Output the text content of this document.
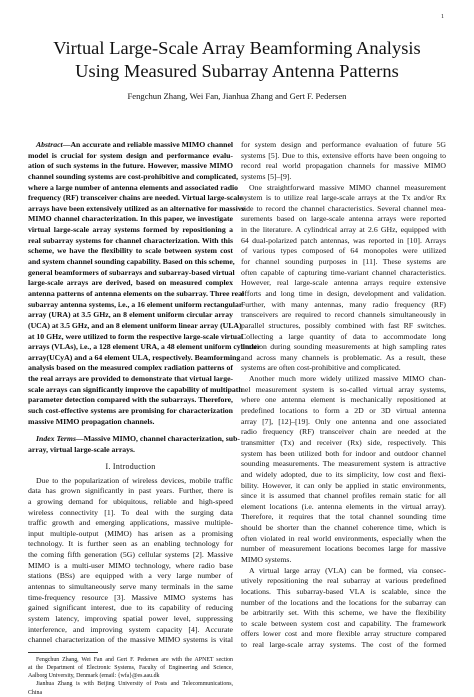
1
Virtual Large-Scale Array Beamforming Analysis
Using Measured Subarray Antenna Patterns
Fengchun Zhang, Wei Fan, Jianhua Zhang and Gert F. Pedersen
Abstract—An accurate and reliable massive MIMO channel
model is crucial for system design and performance evalu-
ation of such systems in the future. However, massive MIMO
channel sounding systems are cost-prohibitive and complicated,
where a large number of antenna elements and associated radio
frequency (RF) transceiver chains are needed. Virtual large-scale
arrays have been extensively utilized as an alternative for massive
MIMO channel characterization. In this paper, we investigate
virtual large-scale array systems formed by repositioning a
real subarray systems for channel characterization. With this
scheme, we have the flexibility to scale between system cost
and system channel sounding capability. Based on this scheme,
general beamformers of subarrays and subarray-based virtual
large-scale arrays are derived, based on measured complex
antenna patterns of antenna elements on the subarray. Three real
subarray antenna systems, i.e., a 16 element uniform rectangular
array (URA) at 3.5 GHz, an 8 element uniform circular array
(UCA) at 3.5 GHz, and an 8 element uniform linear array (ULA)
at 10 GHz, were utilized to form the respective large-scale virtual
arrays (VLAs), i.e., a 128 element URA, a 48 element uniform cylinder
array(UCyA) and a 64 element ULA, respectively. Beamforming
analysis based on the measured complex radiation patterns of
the real arrays are provided to demonstrate that virtual large-
scale arrays can significantly improve the capability of multipath
parameter detection compared with the subarrays. Therefore,
such cost-effective systems are promising for characterization
massive MIMO propagation channels.
Index Terms—Massive MIMO, channel characterization, sub-
array, virtual large-scale arrays.
I. Introduction
Due to the popularization of wireless devices, mobile traffic
data has grown significantly in past years. Further, there is
a growing demand for ubiquitous, reliable and high-speed
wireless connectivity [1]. To deal with the surging data
traffic growth and emerging applications, massive multiple-
input multiple-output (MIMO) has arisen as a promising
technology. It is further seen as an enabling technology for
the coming fifth generation (5G) cellular systems [2]. Massive
MIMO is a multi-user MIMO technology, where radio base
stations (BSs) are equipped with a very large number of
antennas to simultaneously serve many terminals in the same
time-frequency resource [3]. Massive MIMO systems has
gained significant interest, due to its capability of reducing
system latency, improving spatial power level, suppressing
interference, and improving system capacity [4]. Accurate
channel characterization of the massive MIMO systems is vital
Fengchun Zhang, Wei Fan and Gert F. Pedersen are with the APNET section
at the Department of Electronic Systems, Faculty of Engineering and Science,
Aalborg University, Denmark (email: {wfa}@es.aau.dk
Jianhua Zhang is with Beijing University of Posts and Telecommunications,
China
for system design and performance evaluation of future 5G
systems [5]. Due to this, extensive efforts have been ongoing to
record real world propagation channels for massive MIMO
systems [5]–[9].
One straightforward massive MIMO channel measurement
system is to utilize real large-scale arrays at the Tx and/or Rx
side to record the channel characteristics. Several channel mea-
surements based on large-scale antenna arrays were reported
in the literature. A cylindrical array at 2.6 GHz, equipped with
64 dual-polarized patch antennas, was reported in [10]. Arrays
of various types composed of 64 monopoles were utilized
for channel sounding purposes in [11]. These systems are
often capable of capturing time-variant channel characteristics.
However, real large-scale antenna arrays require extensive
efforts and long time in design, development and validation.
Further, with many antennas, many radio frequency (RF)
transceivers are required to record channels simultaneously in
parallel structures, possibly combined with fast RF switches.
Collecting a large quantity of data to accommodate long
duration during sounding measurements at high sampling rates
and across many channels is problematic. As a result, these
systems are often cost-prohibitive and complicated.
Another much more widely utilized massive MIMO chan-
nel measurement system is so-called virtual array systems,
where one antenna element is mechanically repositioned at
predefined locations to form a 2D or 3D virtual antenna
array [7], [12]–[19]. Only one antenna and one associated
radio frequency (RF) transceiver chain are needed at the
transmitter (Tx) and receiver (Rx) side, respectively. This
system has been utilized both for indoor and outdoor channel
sounding measurements. The measurement system is attractive
and widely adopted, due to its simplicity, low cost and flexi-
bility. However, it can only be applied in static environments,
since it is assumed that channel profiles remain static for all
element locations (i.e. antenna elements in the virtual array).
Therefore, it requires that the total channel sounding time
should be shorter than the channel coherence time, which is
often violated in real world environments, especially when the
number of measurement locations becomes large for massive
MIMO systems.
A virtual large array (VLA) can be formed, via consec-
utively repositioning the real subarray at various predefined
locations. This subarray-based VLA is scalable, since the
number of the locations and the locations for the subarray can
be arbitrarily set. With this scheme, we have the flexibility
to scale between system cost and capability. The framework
offers lower cost and more flexible array structure compared
to real large-scale array systems. The cost of the formed
